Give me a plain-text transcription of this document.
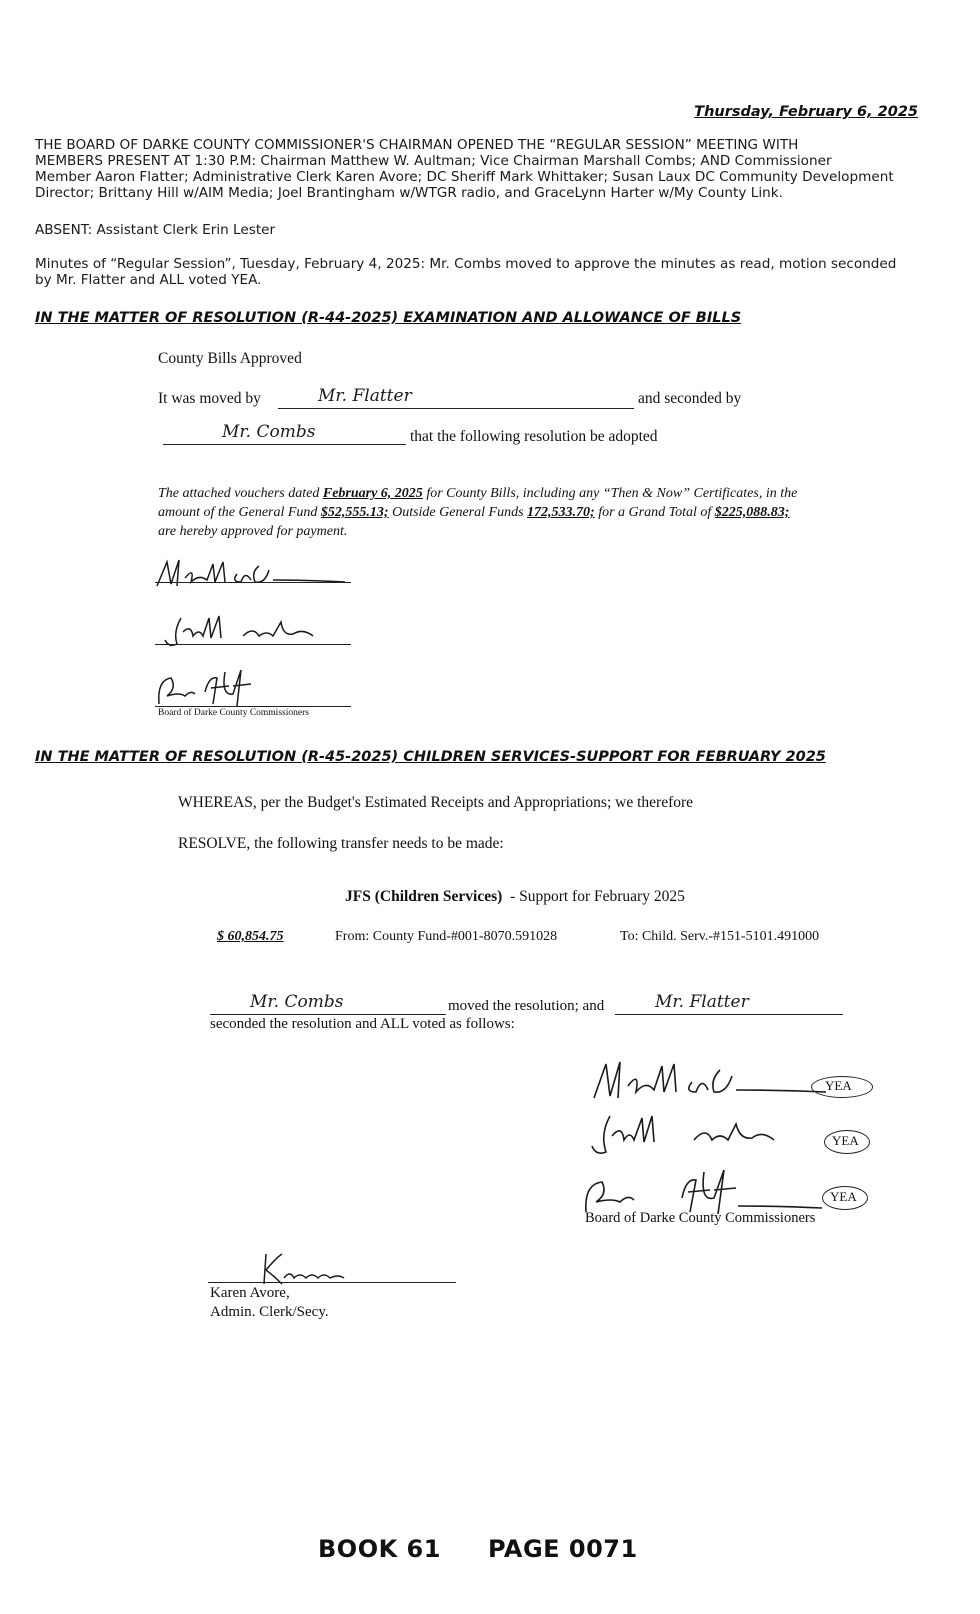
Thursday, February 6, 2025
THE BOARD OF DARKE COUNTY COMMISSIONER'S CHAIRMAN OPENED THE “REGULAR SESSION” MEETING WITH
MEMBERS PRESENT AT 1:30 P.M: Chairman Matthew W. Aultman; Vice Chairman Marshall Combs; AND Commissioner
Member Aaron Flatter; Administrative Clerk Karen Avore; DC Sheriff Mark Whittaker; Susan Laux DC Community Development
Director; Brittany Hill w/AIM Media; Joel Brantingham w/WTGR radio, and GraceLynn Harter w/My County Link.
ABSENT: Assistant Clerk Erin Lester
Minutes of “Regular Session”, Tuesday, February 4, 2025: Mr. Combs moved to approve the minutes as read, motion seconded
by Mr. Flatter and ALL voted YEA.
IN THE MATTER OF RESOLUTION (R-44-2025) EXAMINATION AND ALLOWANCE OF BILLS
County Bills Approved
It was moved by	Mr. Flatter	and seconded by
Mr. Combs	that the following resolution be adopted
The attached vouchers dated February 6, 2025 for County Bills, including any “Then & Now” Certificates, in the
amount of the General Fund $52,555.13; Outside General Funds 172,533.70; for a Grand Total of $225,088.83;
are hereby approved for payment.
Board of Darke County Commissioners
IN THE MATTER OF RESOLUTION (R-45-2025) CHILDREN SERVICES-SUPPORT FOR FEBRUARY 2025
WHEREAS, per the Budget's Estimated Receipts and Appropriations; we therefore
RESOLVE, the following transfer needs to be made:
JFS (Children Services) - Support for February 2025
$ 60,854.75	From: County Fund-#001-8070.591028	To: Child. Serv.-#151-5101.491000
Mr. Combs	moved the resolution; and	Mr. Flatter
seconded the resolution and ALL voted as follows:
YEA
YEA
YEA
Board of Darke County Commissioners
Karen Avore,
Admin. Clerk/Secy.
BOOK 61 PAGE 0071
